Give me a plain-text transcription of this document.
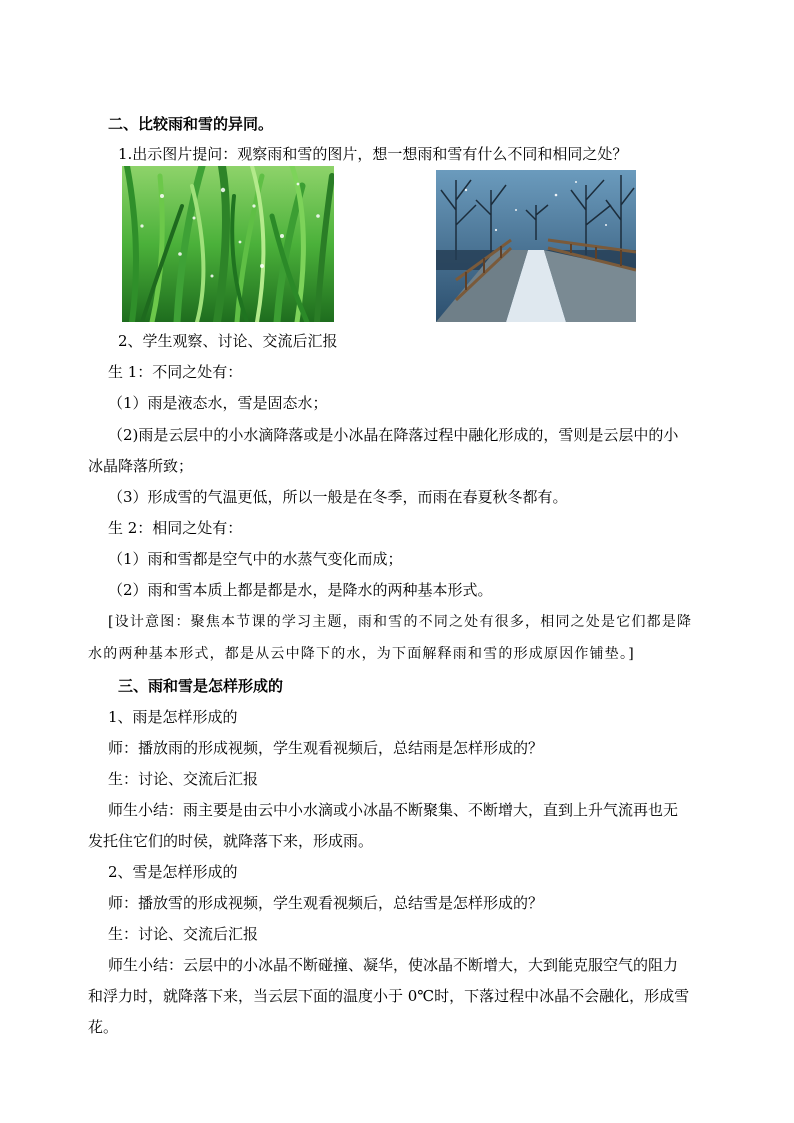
二、比较雨和雪的异同。
1.出示图片提问：观察雨和雪的图片，想一想雨和雪有什么不同和相同之处？
2、学生观察、讨论、交流后汇报
生 1：不同之处有：
（1）雨是液态水，雪是固态水；
（2)雨是云层中的小水滴降落或是小冰晶在降落过程中融化形成的，雪则是云层中的小
冰晶降落所致；
（3）形成雪的气温更低，所以一般是在冬季，而雨在春夏秋冬都有。
生 2：相同之处有：
（1）雨和雪都是空气中的水蒸气变化而成；
（2）雨和雪本质上都是都是水，是降水的两种基本形式。
[设计意图：聚焦本节课的学习主题，雨和雪的不同之处有很多，相同之处是它们都是降
水的两种基本形式，都是从云中降下的水，为下面解释雨和雪的形成原因作铺垫。]
三、雨和雪是怎样形成的
1、雨是怎样形成的
师：播放雨的形成视频，学生观看视频后，总结雨是怎样形成的？
生：讨论、交流后汇报
师生小结：雨主要是由云中小水滴或小冰晶不断聚集、不断增大，直到上升气流再也无
发托住它们的时侯，就降落下来，形成雨。
2、雪是怎样形成的
师：播放雪的形成视频，学生观看视频后，总结雪是怎样形成的？
生：讨论、交流后汇报
师生小结：云层中的小冰晶不断碰撞、凝华，使冰晶不断增大，大到能克服空气的阻力
和浮力时，就降落下来，当云层下面的温度小于 0℃时，下落过程中冰晶不会融化，形成雪
花。
